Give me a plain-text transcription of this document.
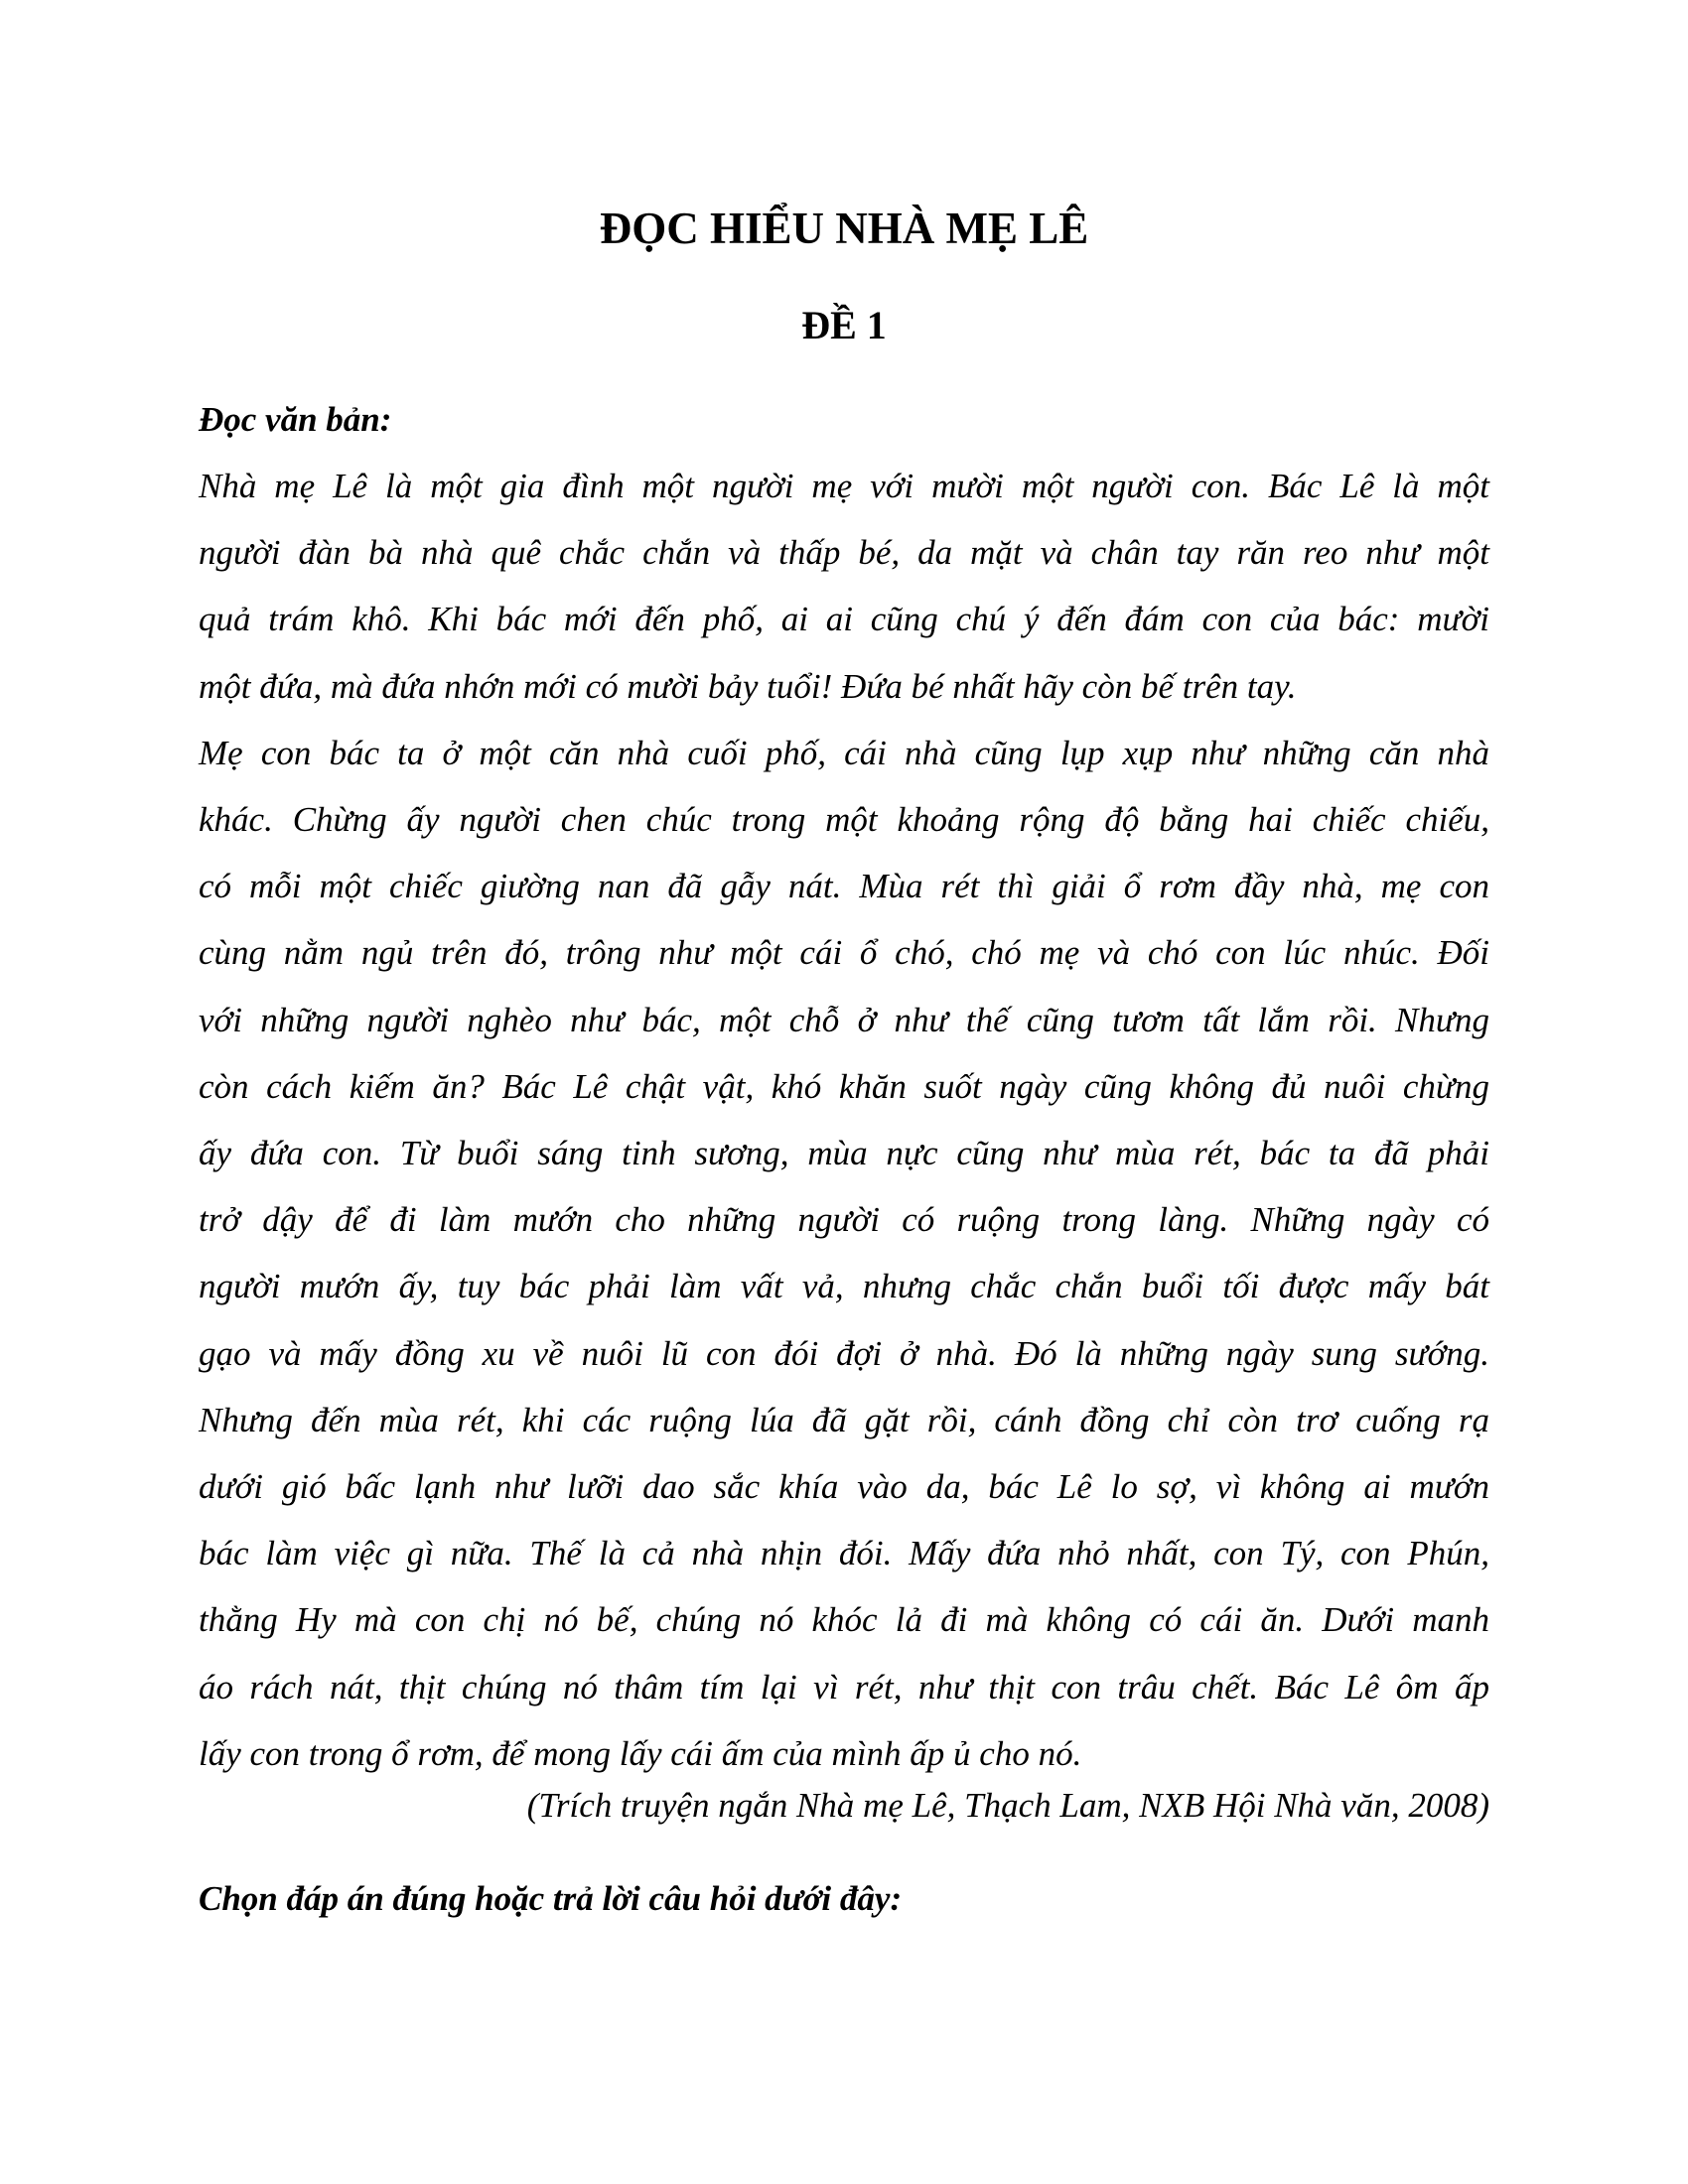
ĐỌC HIỂU NHÀ MẸ LÊ
ĐỀ 1

Đọc văn bản:

Nhà mẹ Lê là một gia đình một người mẹ với mười một người con. Bác Lê là một
người đàn bà nhà quê chắc chắn và thấp bé, da mặt và chân tay răn reo như một
quả trám khô. Khi bác mới đến phố, ai ai cũng chú ý đến đám con của bác: mười
một đứa, mà đứa nhớn mới có mười bảy tuổi! Đứa bé nhất hãy còn bế trên tay.
Mẹ con bác ta ở một căn nhà cuối phố, cái nhà cũng lụp xụp như những căn nhà
khác. Chừng ấy người chen chúc trong một khoảng rộng độ bằng hai chiếc chiếu,
có mỗi một chiếc giường nan đã gẫy nát. Mùa rét thì giải ổ rơm đầy nhà, mẹ con
cùng nằm ngủ trên đó, trông như một cái ổ chó, chó mẹ và chó con lúc nhúc. Đối
với những người nghèo như bác, một chỗ ở như thế cũng tươm tất lắm rồi. Nhưng
còn cách kiếm ăn? Bác Lê chật vật, khó khăn suốt ngày cũng không đủ nuôi chừng
ấy đứa con. Từ buổi sáng tinh sương, mùa nực cũng như mùa rét, bác ta đã phải
trở dậy để đi làm mướn cho những người có ruộng trong làng. Những ngày có
người mướn ấy, tuy bác phải làm vất vả, nhưng chắc chắn buổi tối được mấy bát
gạo và mấy đồng xu về nuôi lũ con đói đợi ở nhà. Đó là những ngày sung sướng.
Nhưng đến mùa rét, khi các ruộng lúa đã gặt rồi, cánh đồng chỉ còn trơ cuống rạ
dưới gió bấc lạnh như lưỡi dao sắc khía vào da, bác Lê lo sợ, vì không ai mướn
bác làm việc gì nữa. Thế là cả nhà nhịn đói. Mấy đứa nhỏ nhất, con Tý, con Phún,
thằng Hy mà con chị nó bế, chúng nó khóc lả đi mà không có cái ăn. Dưới manh
áo rách nát, thịt chúng nó thâm tím lại vì rét, như thịt con trâu chết. Bác Lê ôm ấp
lấy con trong ổ rơm, để mong lấy cái ấm của mình ấp ủ cho nó.

(Trích truyện ngắn Nhà mẹ Lê, Thạch Lam, NXB Hội Nhà văn, 2008)

Chọn đáp án đúng hoặc trả lời câu hỏi dưới đây:
